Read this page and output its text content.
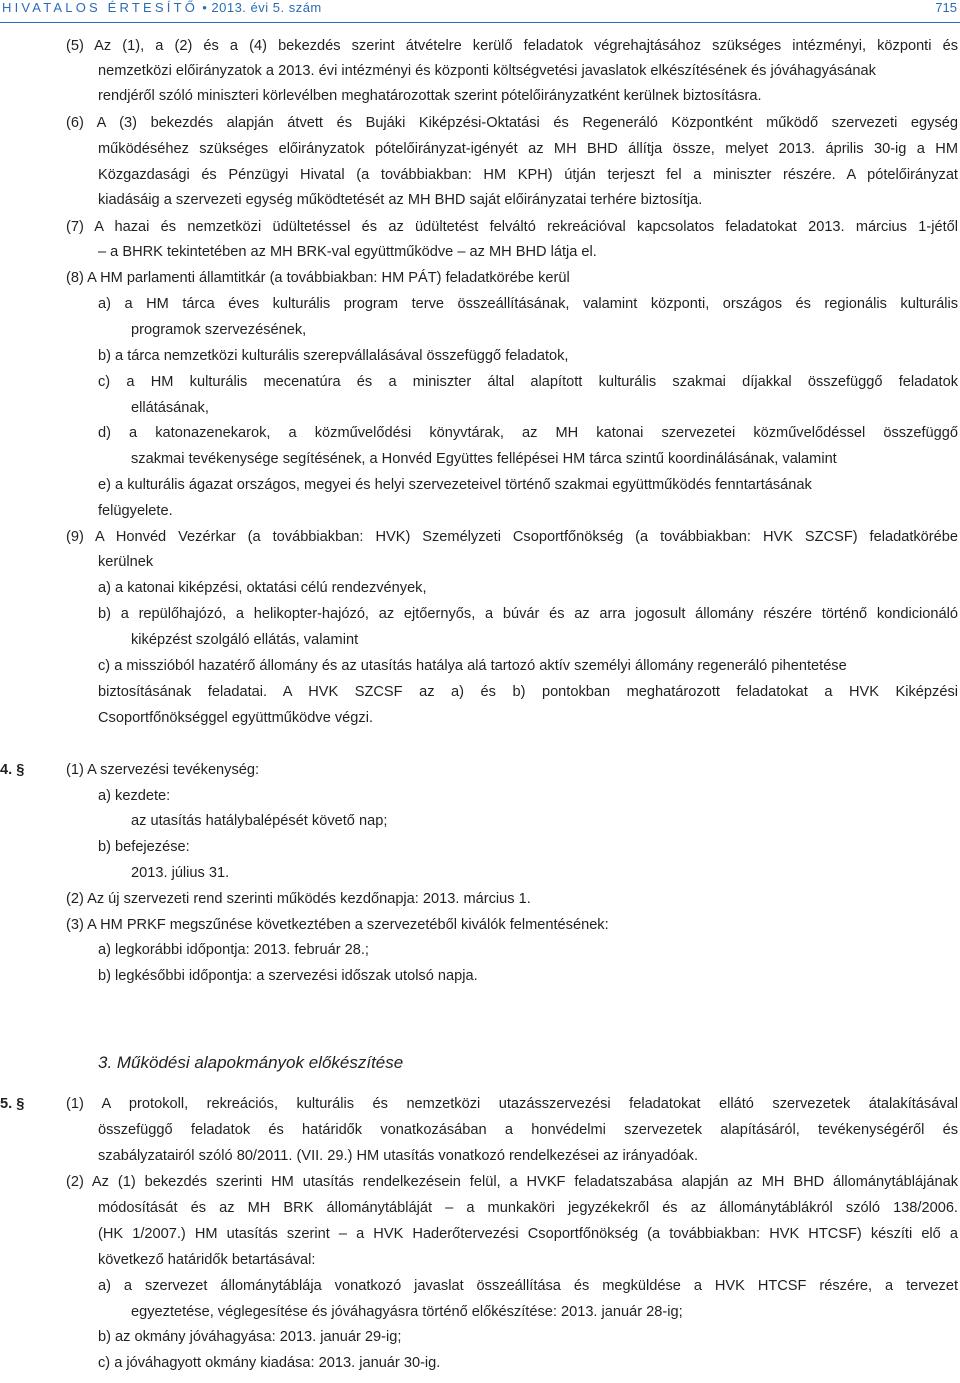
HIVATALOS ÉRTESÍTŐ • 2013. évi 5. szám	715
(5) Az (1), a (2) és a (4) bekezdés szerint átvételre kerülő feladatok végrehajtásához szükséges intézményi, központi és
nemzetközi előirányzatok a 2013. évi intézményi és központi költségvetési javaslatok elkészítésének és jóváhagyásának
rendjéről szóló miniszteri körlevélben meghatározottak szerint pótelőirányzatként kerülnek biztosításra.
(6) A (3) bekezdés alapján átvett és Bujáki Kiképzési-Oktatási és Regeneráló Központként működő szervezeti egység
működéséhez szükséges előirányzatok pótelőirányzat-igényét az MH BHD állítja össze, melyet 2013. április 30-ig a HM
Közgazdasági és Pénzügyi Hivatal (a továbbiakban: HM KPH) útján terjeszt fel a miniszter részére. A pótelőirányzat
kiadásáig a szervezeti egység működtetését az MH BHD saját előirányzatai terhére biztosítja.
(7) A hazai és nemzetközi üdültetéssel és az üdültetést felváltó rekreációval kapcsolatos feladatokat 2013. március 1-jétől
– a BHRK tekintetében az MH BRK-val együttműködve – az MH BHD látja el.
(8) A HM parlamenti államtitkár (a továbbiakban: HM PÁT) feladatkörébe kerül
a) a HM tárca éves kulturális program terve összeállításának, valamint központi, országos és regionális kulturális
programok szervezésének,
b) a tárca nemzetközi kulturális szerepvállalásával összefüggő feladatok,
c) a HM kulturális mecenatúra és a miniszter által alapított kulturális szakmai díjakkal összefüggő feladatok
ellátásának,
d) a katonazenekarok, a közművelődési könyvtárak, az MH katonai szervezetei közművelődéssel összefüggő
szakmai tevékenysége segítésének, a Honvéd Együttes fellépései HM tárca szintű koordinálásának, valamint
e) a kulturális ágazat országos, megyei és helyi szervezeteivel történő szakmai együttműködés fenntartásának
felügyelete.
(9) A Honvéd Vezérkar (a továbbiakban: HVK) Személyzeti Csoportfőnökség (a továbbiakban: HVK SZCSF) feladatkörébe
kerülnek
a) a katonai kiképzési, oktatási célú rendezvények,
b) a repülőhajózó, a helikopter-hajózó, az ejtőernyős, a búvár és az arra jogosult állomány részére történő kondicionáló
kiképzést szolgáló ellátás, valamint
c) a misszióból hazatérő állomány és az utasítás hatálya alá tartozó aktív személyi állomány regeneráló pihentetése
biztosításának feladatai. A HVK SZCSF az a) és b) pontokban meghatározott feladatokat a HVK Kiképzési
Csoportfőnökséggel együttműködve végzi.
(1) A szervezési tevékenység:
a) kezdete:
az utasítás hatálybalépését követő nap;
b) befejezése:
2013. július 31.
(2) Az új szervezeti rend szerinti működés kezdőnapja: 2013. március 1.
(3) A HM PRKF megszűnése következtében a szervezetéből kiválók felmentésének:
a) legkorábbi időpontja: 2013. február 28.;
b) legkésőbbi időpontja: a szervezési időszak utolsó napja.
(1) A protokoll, rekreációs, kulturális és nemzetközi utazásszervezési feladatokat ellátó szervezetek átalakításával
összefüggő feladatok és határidők vonatkozásában a honvédelmi szervezetek alapításáról, tevékenységéről és
szabályzatairól szóló 80/2011. (VII. 29.) HM utasítás vonatkozó rendelkezései az irányadóak.
(2) Az (1) bekezdés szerinti HM utasítás rendelkezésein felül, a HVKF feladatszabása alapján az MH BHD állománytáblájának
módosítását és az MH BRK állománytábláját – a munkaköri jegyzékekről és az állománytáblákról szóló 138/2006.
(HK 1/2007.) HM utasítás szerint – a HVK Haderőtervezési Csoportfőnökség (a továbbiakban: HVK HTCSF) készíti elő a
következő határidők betartásával:
a) a szervezet állománytáblája vonatkozó javaslat összeállítása és megküldése a HVK HTCSF részére, a tervezet
egyeztetése, véglegesítése és jóváhagyásra történő előkészítése: 2013. január 28-ig;
b) az okmány jóváhagyása: 2013. január 29-ig;
c) a jóváhagyott okmány kiadása: 2013. január 30-ig.
4. §
5. §
3. Működési alapokmányok előkészítése
